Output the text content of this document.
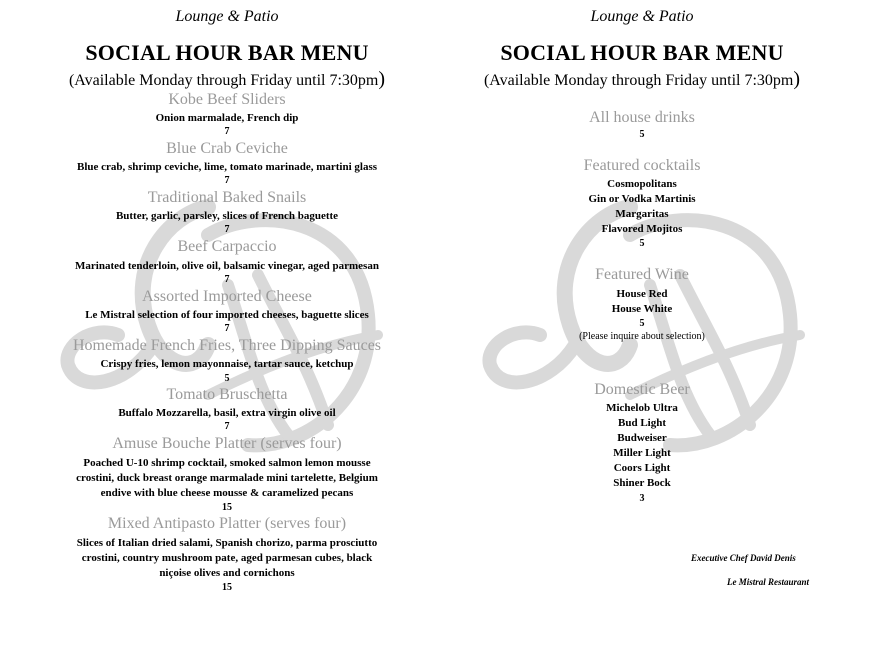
Lounge & Patio
SOCIAL HOUR BAR MENU
(Available Monday through Friday until 7:30pm)
Kobe Beef Sliders
Onion marmalade, French dip
7
Blue Crab Ceviche
Blue crab, shrimp ceviche, lime, tomato marinade, martini glass
7
Traditional Baked Snails
Butter, garlic, parsley, slices of French baguette
7
Beef Carpaccio
Marinated tenderloin, olive oil, balsamic vinegar, aged parmesan
7
Assorted Imported Cheese
Le Mistral selection of four imported cheeses, baguette slices
7
Homemade French Fries, Three Dipping Sauces
Crispy fries, lemon mayonnaise, tartar sauce, ketchup
5
Tomato Bruschetta
Buffalo Mozzarella, basil, extra virgin olive oil
7
Amuse Bouche Platter (serves four)
Poached U-10 shrimp cocktail, smoked salmon lemon mousse
crostini, duck breast orange marmalade mini tartelette, Belgium
endive with blue cheese mousse & caramelized pecans
15
Mixed Antipasto Platter (serves four)
Slices of Italian dried salami, Spanish chorizo, parma prosciutto
crostini, country mushroom pate, aged parmesan cubes, black
niçoise olives and cornichons
15
Lounge & Patio
SOCIAL HOUR BAR MENU
(Available Monday through Friday until 7:30pm)
All house drinks
5
Featured cocktails
Cosmopolitans
Gin or Vodka Martinis
Margaritas
Flavored Mojitos
5
Featured Wine
House Red
House White
5
(Please inquire about selection)
Domestic Beer
Michelob Ultra
Bud Light
Budweiser
Miller Light
Coors Light
Shiner Bock
3
Executive Chef David Denis
Le Mistral Restaurant
